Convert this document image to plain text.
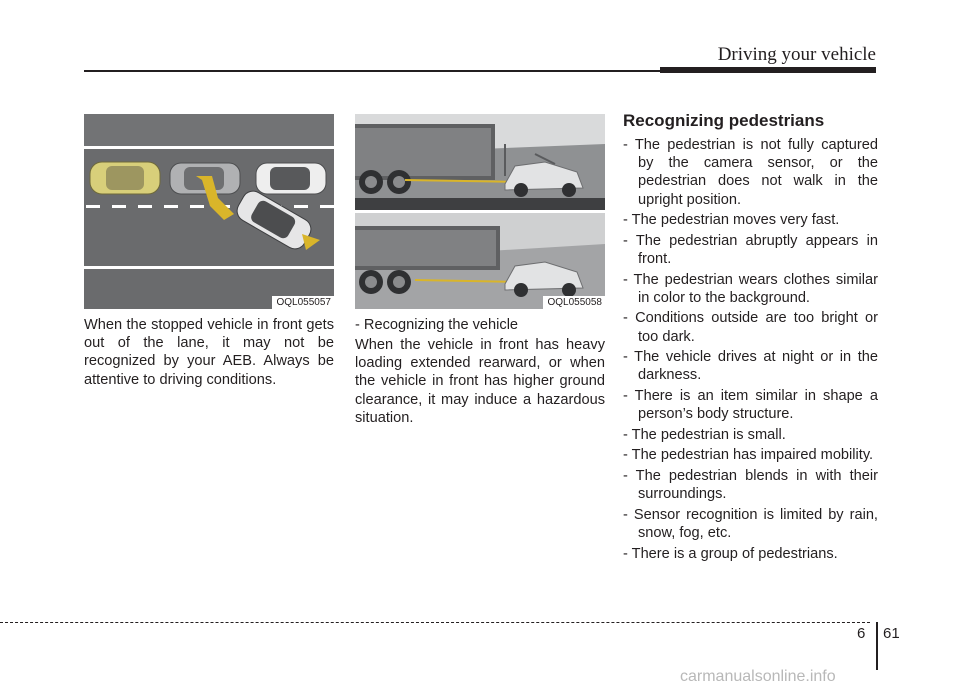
Driving your vehicle
OQL055057	OQL055058
When the stopped vehicle in front gets out of the lane, it may not be recognized by your AEB. Always be attentive to driving conditions.
- Recognizing the vehicle
When the vehicle in front has heavy loading extended rearward, or when the vehicle in front has higher ground clearance, it may induce a hazardous situation.
Recognizing pedestrians
- The pedestrian is not fully captured by the camera sensor, or the pedestrian does not walk in the upright position.
- The pedestrian moves very fast.
- The pedestrian abruptly appears in front.
- The pedestrian wears clothes similar in color to the background.
- Conditions outside are too bright or too dark.
- The vehicle drives at night or in the darkness.
- There is an item similar in shape a person’s body structure.
- The pedestrian is small.
- The pedestrian has impaired mobility.
- The pedestrian blends in with their surroundings.
- Sensor recognition is limited by rain, snow, fog, etc.
- There is a group of pedestrians.
6 61
carmanualsonline.info
